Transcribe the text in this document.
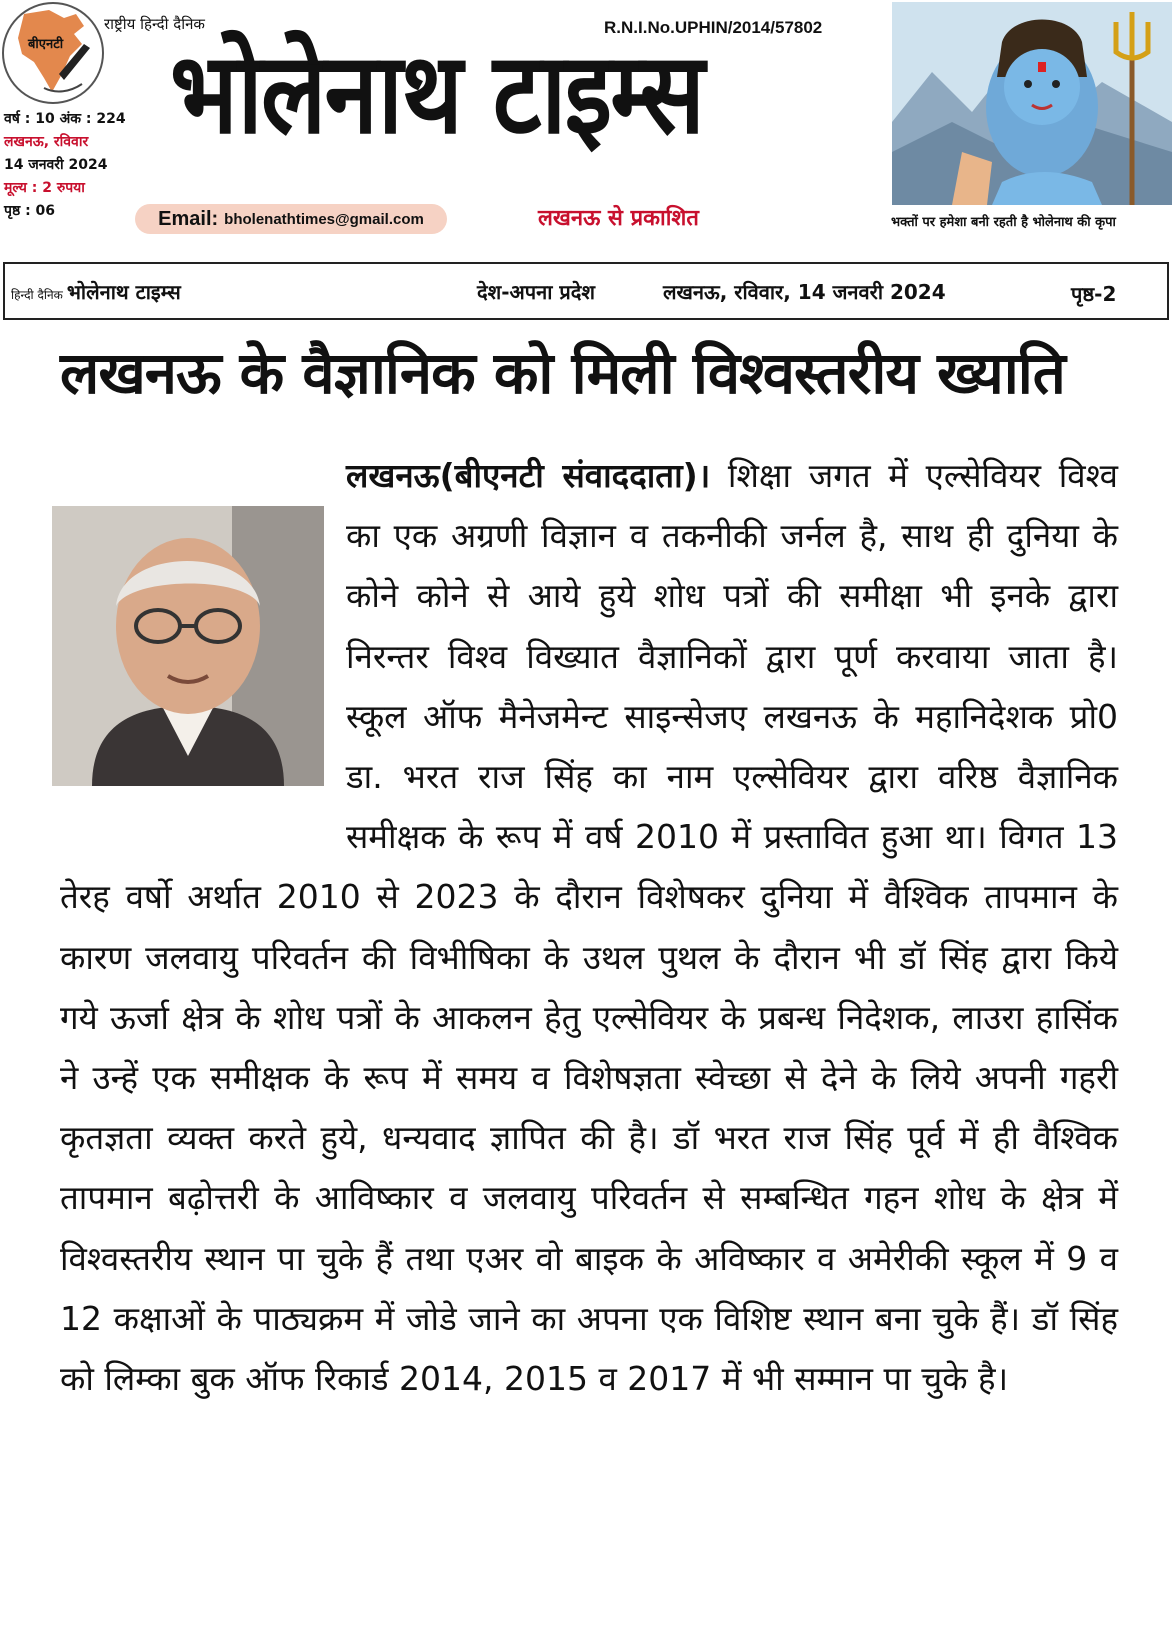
बीएनटी
राष्ट्रीय हिन्दी दैनिक
वर्ष : 10 अंक : 224
लखनऊ, रविवार
14 जनवरी 2024
मूल्य : 2 रुपया
पृष्ठ : 06
R.N.I.No.UPHIN/2014/57802
भोलेनाथ टाइम्स
Email: bholenathtimes@gmail.com	लखनऊ से प्रकाशित	भक्तों पर हमेशा बनी रहती है भोलेनाथ की कृपा
हिन्दी दैनिक भोलेनाथ टाइम्स	देश-अपना प्रदेश	लखनऊ, रविवार, 14 जनवरी 2024	पृष्ठ-2
लखनऊ के वैज्ञानिक को मिली विश्वस्तरीय ख्याति
लखनऊ(बीएनटी संवाददाता)। शिक्षा जगत में एल्सेवियर विश्व का एक अग्रणी विज्ञान व तकनीकी जर्नल है, साथ ही दुनिया के कोने कोने से आये हुये शोध पत्रों की समीक्षा भी इनके द्वारा निरन्तर विश्व विख्यात वैज्ञानिकों द्वारा पूर्ण करवाया जाता है। स्कूल ऑफ मैनेजमेन्ट साइन्सेजए लखनऊ के महानिदेशक प्रो0 डा. भरत राज सिंह का नाम एल्सेवियर द्वारा वरिष्ठ वैज्ञानिक समीक्षक के रूप में वर्ष 2010 में प्रस्तावित हुआ था। विगत 13 तेरह वर्षो अर्थात 2010 से 2023 के दौरान विशेषकर दुनिया में वैश्विक तापमान के कारण जलवायु परिवर्तन की विभीषिका के उथल पुथल के दौरान भी डॉ सिंह द्वारा किये गये ऊर्जा क्षेत्र के शोध पत्रों के आकलन हेतु एल्सेवियर के प्रबन्ध निदेशक, लाउरा हासिंक ने उन्हें एक समीक्षक के रूप में समय व विशेषज्ञता स्वेच्छा से देने के लिये अपनी गहरी कृतज्ञता व्यक्त करते हुये, धन्यवाद ज्ञापित की है। डॉ भरत राज सिंह पूर्व में ही वैश्विक तापमान बढ़ोत्तरी के आविष्कार व जलवायु परिवर्तन से सम्बन्धित गहन शोध के क्षेत्र में विश्वस्तरीय स्थान पा चुके हैं तथा एअर वो बाइक के अविष्कार व अमेरीकी स्कूल में 9 व 12 कक्षाओं के पाठ्यक्रम में जोडे जाने का अपना एक विशिष्ट स्थान बना चुके हैं। डॉ सिंह को लिम्का बुक ऑफ रिकार्ड 2014, 2015 व 2017 में भी सम्मान पा चुके है।
